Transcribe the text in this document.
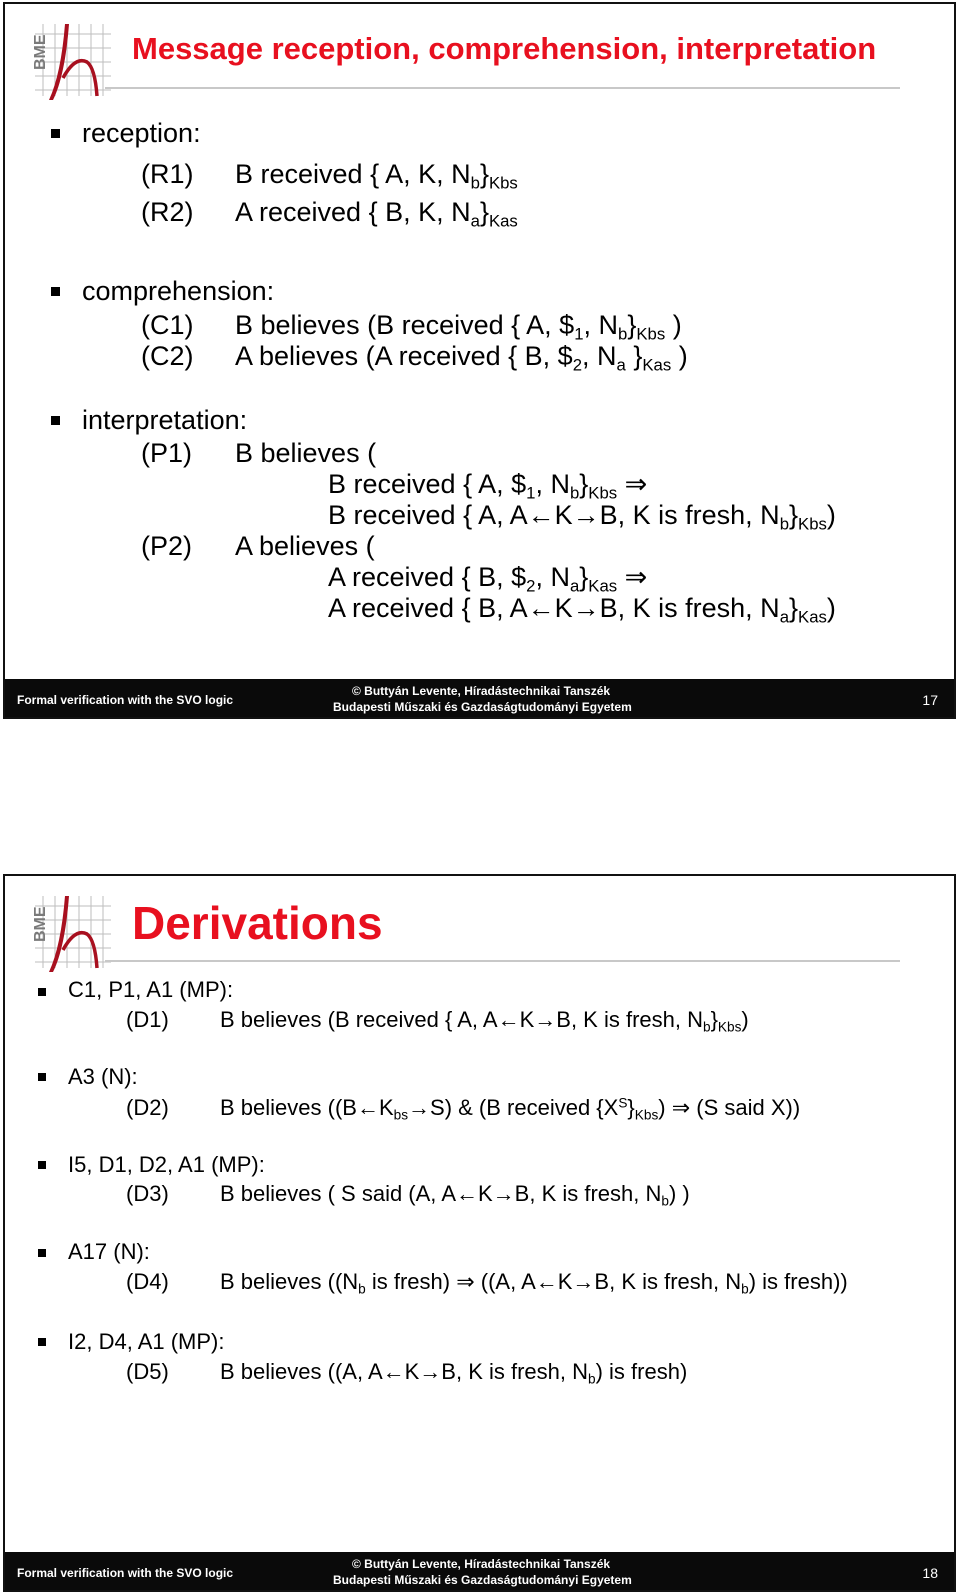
BME	Message reception, comprehension, interpretation
reception:
(R1) B received { A, K, $N_b\}_{Kbs}$
(R2) A received { B, K, $N_a\}_{Kas}$
comprehension:
(C1) B believes (B received { A, $\$_1$, $N_b\}_{Kbs}$ )
(C2) A believes (A received { B, $\$_2$, $N_a$ }$_{Kas}$ )
interpretation:
(P1) B believes (
B received { A, $\$_1$, $N_b\}_{Kbs}$ ⇒
B received { A, A←K→B, K is fresh, $N_b\}_{Kbs}$)
(P2) A believes (
A received { B, $\$_2$, $N_a\}_{Kas}$ ⇒
A received { B, A←K→B, K is fresh, $N_a\}_{Kas}$)
Formal verification with the SVO logic
© Buttyán Levente, Híradástechnikai Tanszék
Budapesti Műszaki és Gazdaságtudományi Egyetem	17
BME Derivations
C1, P1, A1 (MP):
(D1) B believes (B received { A, A←K→B, K is fresh, $N_b\}_{Kbs}$)
A3 (N):
(D2) B believes ($(B\leftarrow K_{bs}\to S)$ & (B received $\{X^S\}_{Kbs}$) ⇒ (S said X))
I5, D1, D2, A1 (MP):
(D3) B believes ( S said (A, A←K→B, K is fresh, $N_b$) )
A17 (N):
(D4) B believes (($N_b$ is fresh) ⇒ ((A, A←K→B, K is fresh, $N_b$) is fresh))
I2, D4, A1 (MP):
(D5) B believes ((A, A←K→B, K is fresh, $N_b$) is fresh)
Formal verification with the SVO logic
© Buttyán Levente, Híradástechnikai Tanszék
Budapesti Műszaki és Gazdaságtudományi Egyetem	18
